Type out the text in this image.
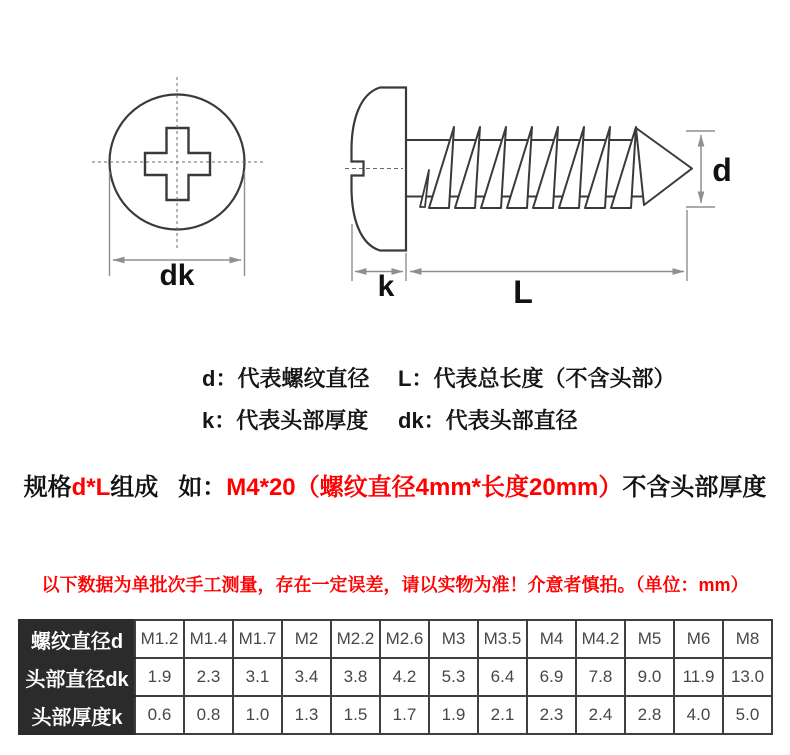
dk	k	L
d
d：代表螺纹直径	L：代表总长度（不含头部）
k：代表头部厚度	dk：代表头部直径
规格d*L组成 如：M4*20（螺纹直径4mm*长度20mm）不含头部厚度
以下数据为单批次手工测量，存在一定误差，请以实物为准！介意者慎拍。（单位：mm）
螺纹直径d	M1.2	M1.4	M1.7	M2	M2.2	M2.6	M3	M3.5	M4	M4.2	M5	M6	M8
头部直径dk	1.9	2.3	3.1	3.4	3.8	4.2	5.3	6.4	6.9	7.8	9.0	11.9	13.0
头部厚度k	0.6	0.8	1.0	1.3	1.5	1.7	1.9	2.1	2.3	2.4	2.8	4.0	5.0
